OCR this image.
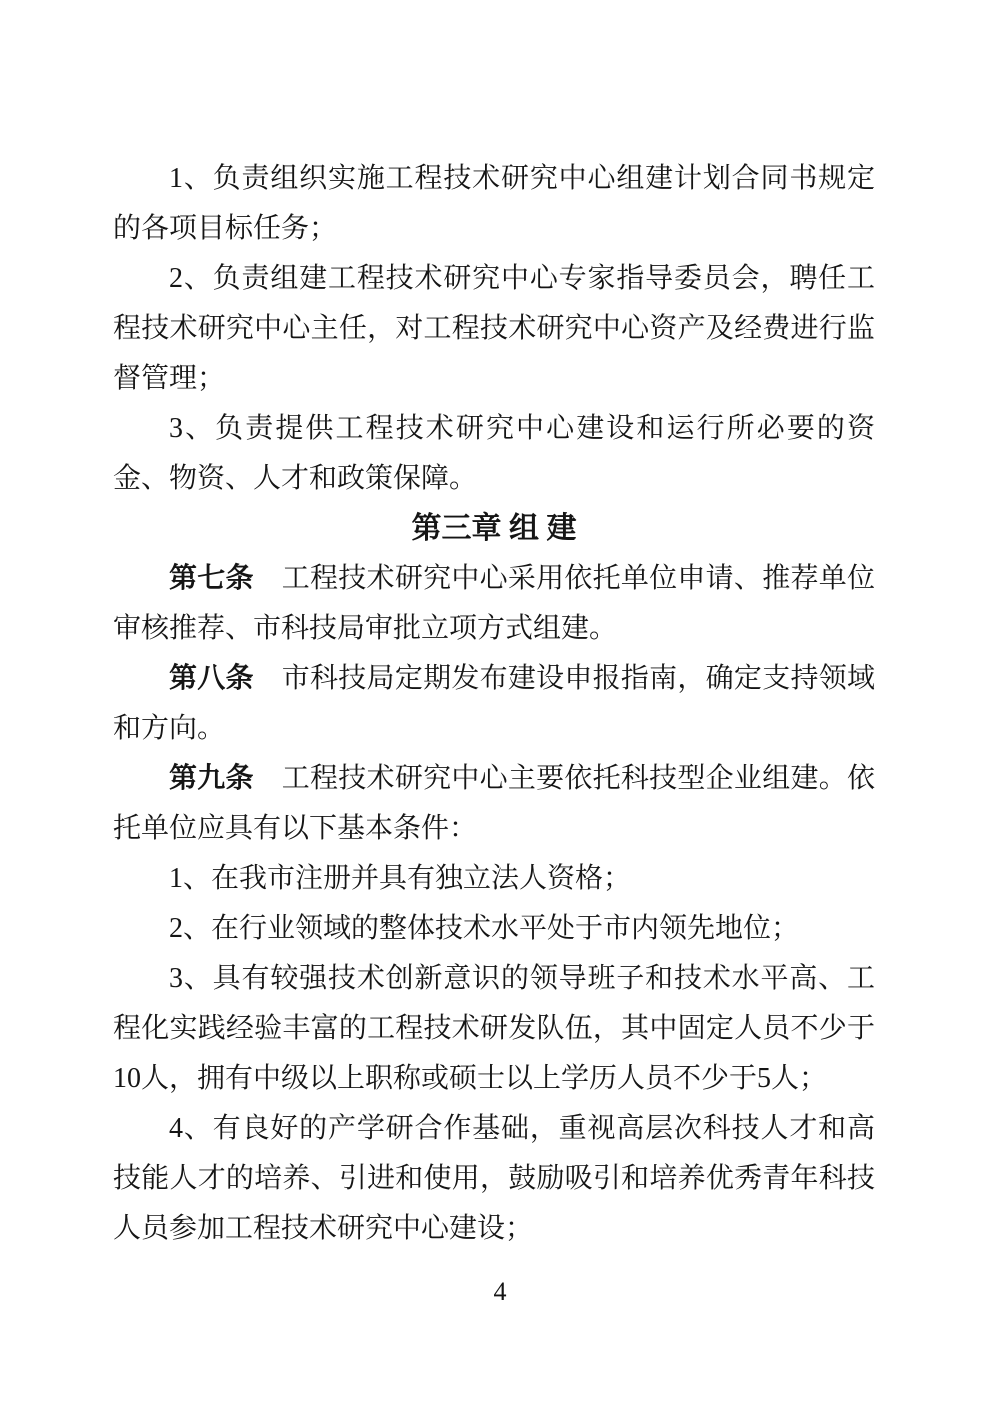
1、负责组织实施工程技术研究中心组建计划合同书规定的各项目标任务；

2、负责组建工程技术研究中心专家指导委员会，聘任工程技术研究中心主任，对工程技术研究中心资产及经费进行监督管理；

3、负责提供工程技术研究中心建设和运行所必要的资金、物资、人才和政策保障。

第三章 组 建

第七条 工程技术研究中心采用依托单位申请、推荐单位审核推荐、市科技局审批立项方式组建。

第八条 市科技局定期发布建设申报指南，确定支持领域和方向。

第九条 工程技术研究中心主要依托科技型企业组建。依托单位应具有以下基本条件：

1、在我市注册并具有独立法人资格；

2、在行业领域的整体技术水平处于市内领先地位；

3、具有较强技术创新意识的领导班子和技术水平高、工程化实践经验丰富的工程技术研发队伍，其中固定人员不少于10人，拥有中级以上职称或硕士以上学历人员不少于5人；

4、有良好的产学研合作基础，重视高层次科技人才和高技能人才的培养、引进和使用，鼓励吸引和培养优秀青年科技人员参加工程技术研究中心建设；

4
